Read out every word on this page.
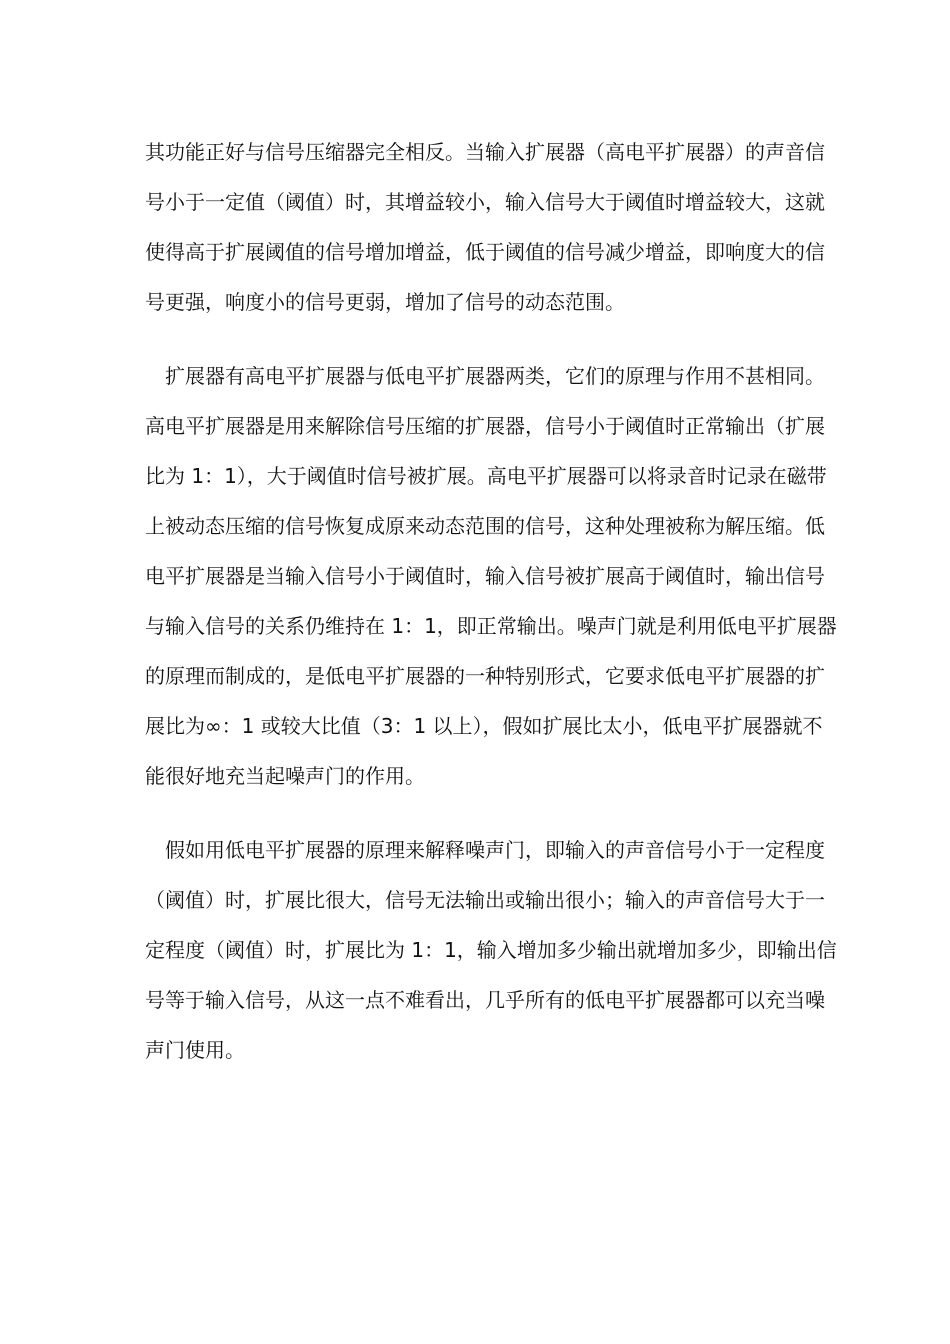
其功能正好与信号压缩器完全相反。当输入扩展器（高电平扩展器）的声音信
号小于一定值（阈值）时，其增益较小，输入信号大于阈值时增益较大，这就
使得高于扩展阈值的信号增加增益，低于阈值的信号减少增益，即响度大的信
号更强，响度小的信号更弱，增加了信号的动态范围。
　扩展器有高电平扩展器与低电平扩展器两类，它们的原理与作用不甚相同。
高电平扩展器是用来解除信号压缩的扩展器，信号小于阈值时正常输出（扩展
比为 1：1），大于阈值时信号被扩展。高电平扩展器可以将录音时记录在磁带
上被动态压缩的信号恢复成原来动态范围的信号，这种处理被称为解压缩。低
电平扩展器是当输入信号小于阈值时，输入信号被扩展高于阈值时，输出信号
与输入信号的关系仍维持在 1：1，即正常输出。噪声门就是利用低电平扩展器
的原理而制成的，是低电平扩展器的一种特别形式，它要求低电平扩展器的扩
展比为∞：1 或较大比值（3：1 以上），假如扩展比太小，低电平扩展器就不
能很好地充当起噪声门的作用。
　假如用低电平扩展器的原理来解释噪声门，即输入的声音信号小于一定程度
（阈值）时，扩展比很大，信号无法输出或输出很小；输入的声音信号大于一
定程度（阈值）时，扩展比为 1：1，输入增加多少输出就增加多少，即输出信
号等于输入信号，从这一点不难看出，几乎所有的低电平扩展器都可以充当噪
声门使用。
